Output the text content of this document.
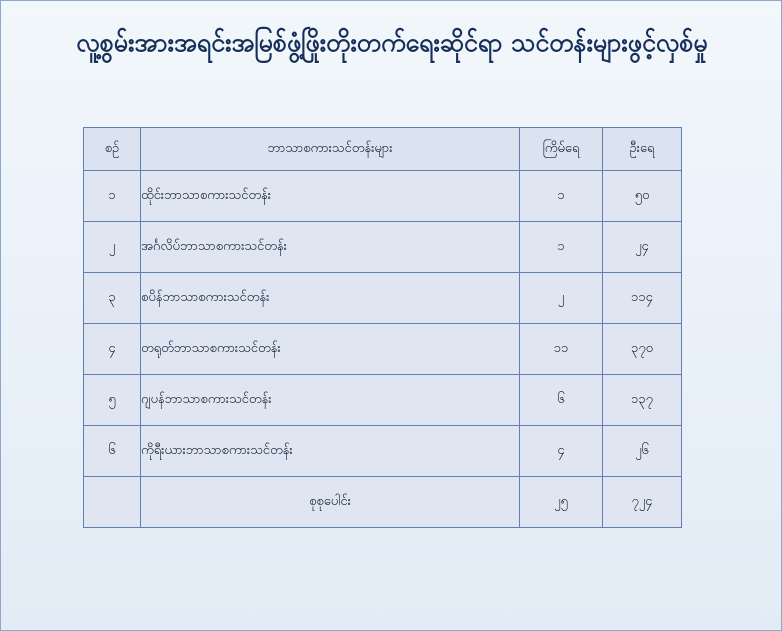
လူ့စွမ်းအားအရင်းအမြစ်ဖွံ့ဖြိုးတိုးတက်ရေးဆိုင်ရာ သင်တန်းများဖွင့်လှစ်မှု
စဉ်	ဘာသာစကားသင်တန်းများ	ကြိမ်ရေ	ဦးရေ
၁	ထိုင်းဘာသာစကားသင်တန်း	၁	၅၀
၂	အင်္ဂလိပ်ဘာသာစကားသင်တန်း	၁	၂၄
၃	စပိန်ဘာသာစကားသင်တန်း	၂	၁၁၄
၄	တရုတ်ဘာသာစကားသင်တန်း	၁၁	၃၇၀
၅	ဂျပန်ဘာသာစကားသင်တန်း	၆	၁၃၇
၆	ကိုရီးယားဘာသာစကားသင်တန်း	၄	၂၆
	စုစုပေါင်း	၂၅	၇၂၄
